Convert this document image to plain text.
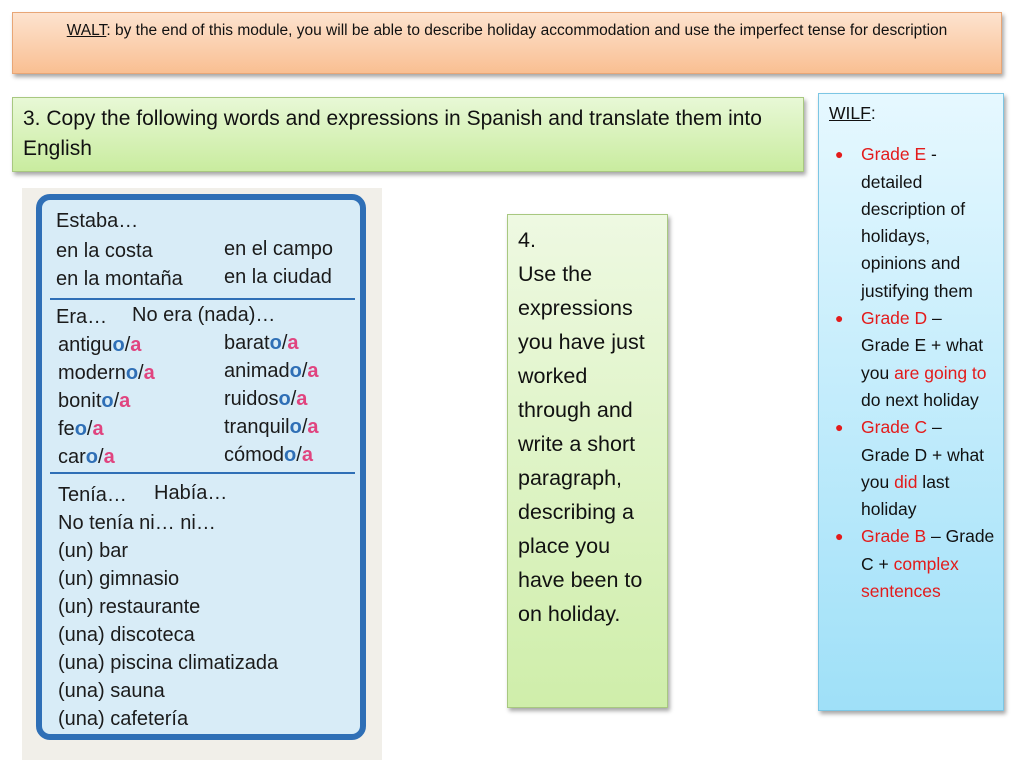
WALT: by the end of this module, you will be able to describe holiday accommodation and use the imperfect tense for description
3. Copy the following words and expressions in Spanish and translate them into English
Estaba…
en la costa	en el campo
en la montaña en la ciudad
Era… No era (nada)…
antiguo/a
moderno/a
bonito/a
feo/a
caro/a
barato/a
animado/a
ruidoso/a
tranquilo/a
cómodo/a
Tenía… Había…
No tenía ni… ni…
(un) bar
(un) gimnasio
(un) restaurante
(una) discoteca
(una) piscina climatizada
(una) sauna
(una) cafetería
4.
Use the expressions you have just worked through and write a short paragraph, describing a place you have been to on holiday.
WILF:
● Grade E - detailed description of holidays, opinions and justifying them
● Grade D – Grade E + what you are going to do next holiday
● Grade C – Grade D + what you did last holiday
● Grade B – Grade C + complex sentences
